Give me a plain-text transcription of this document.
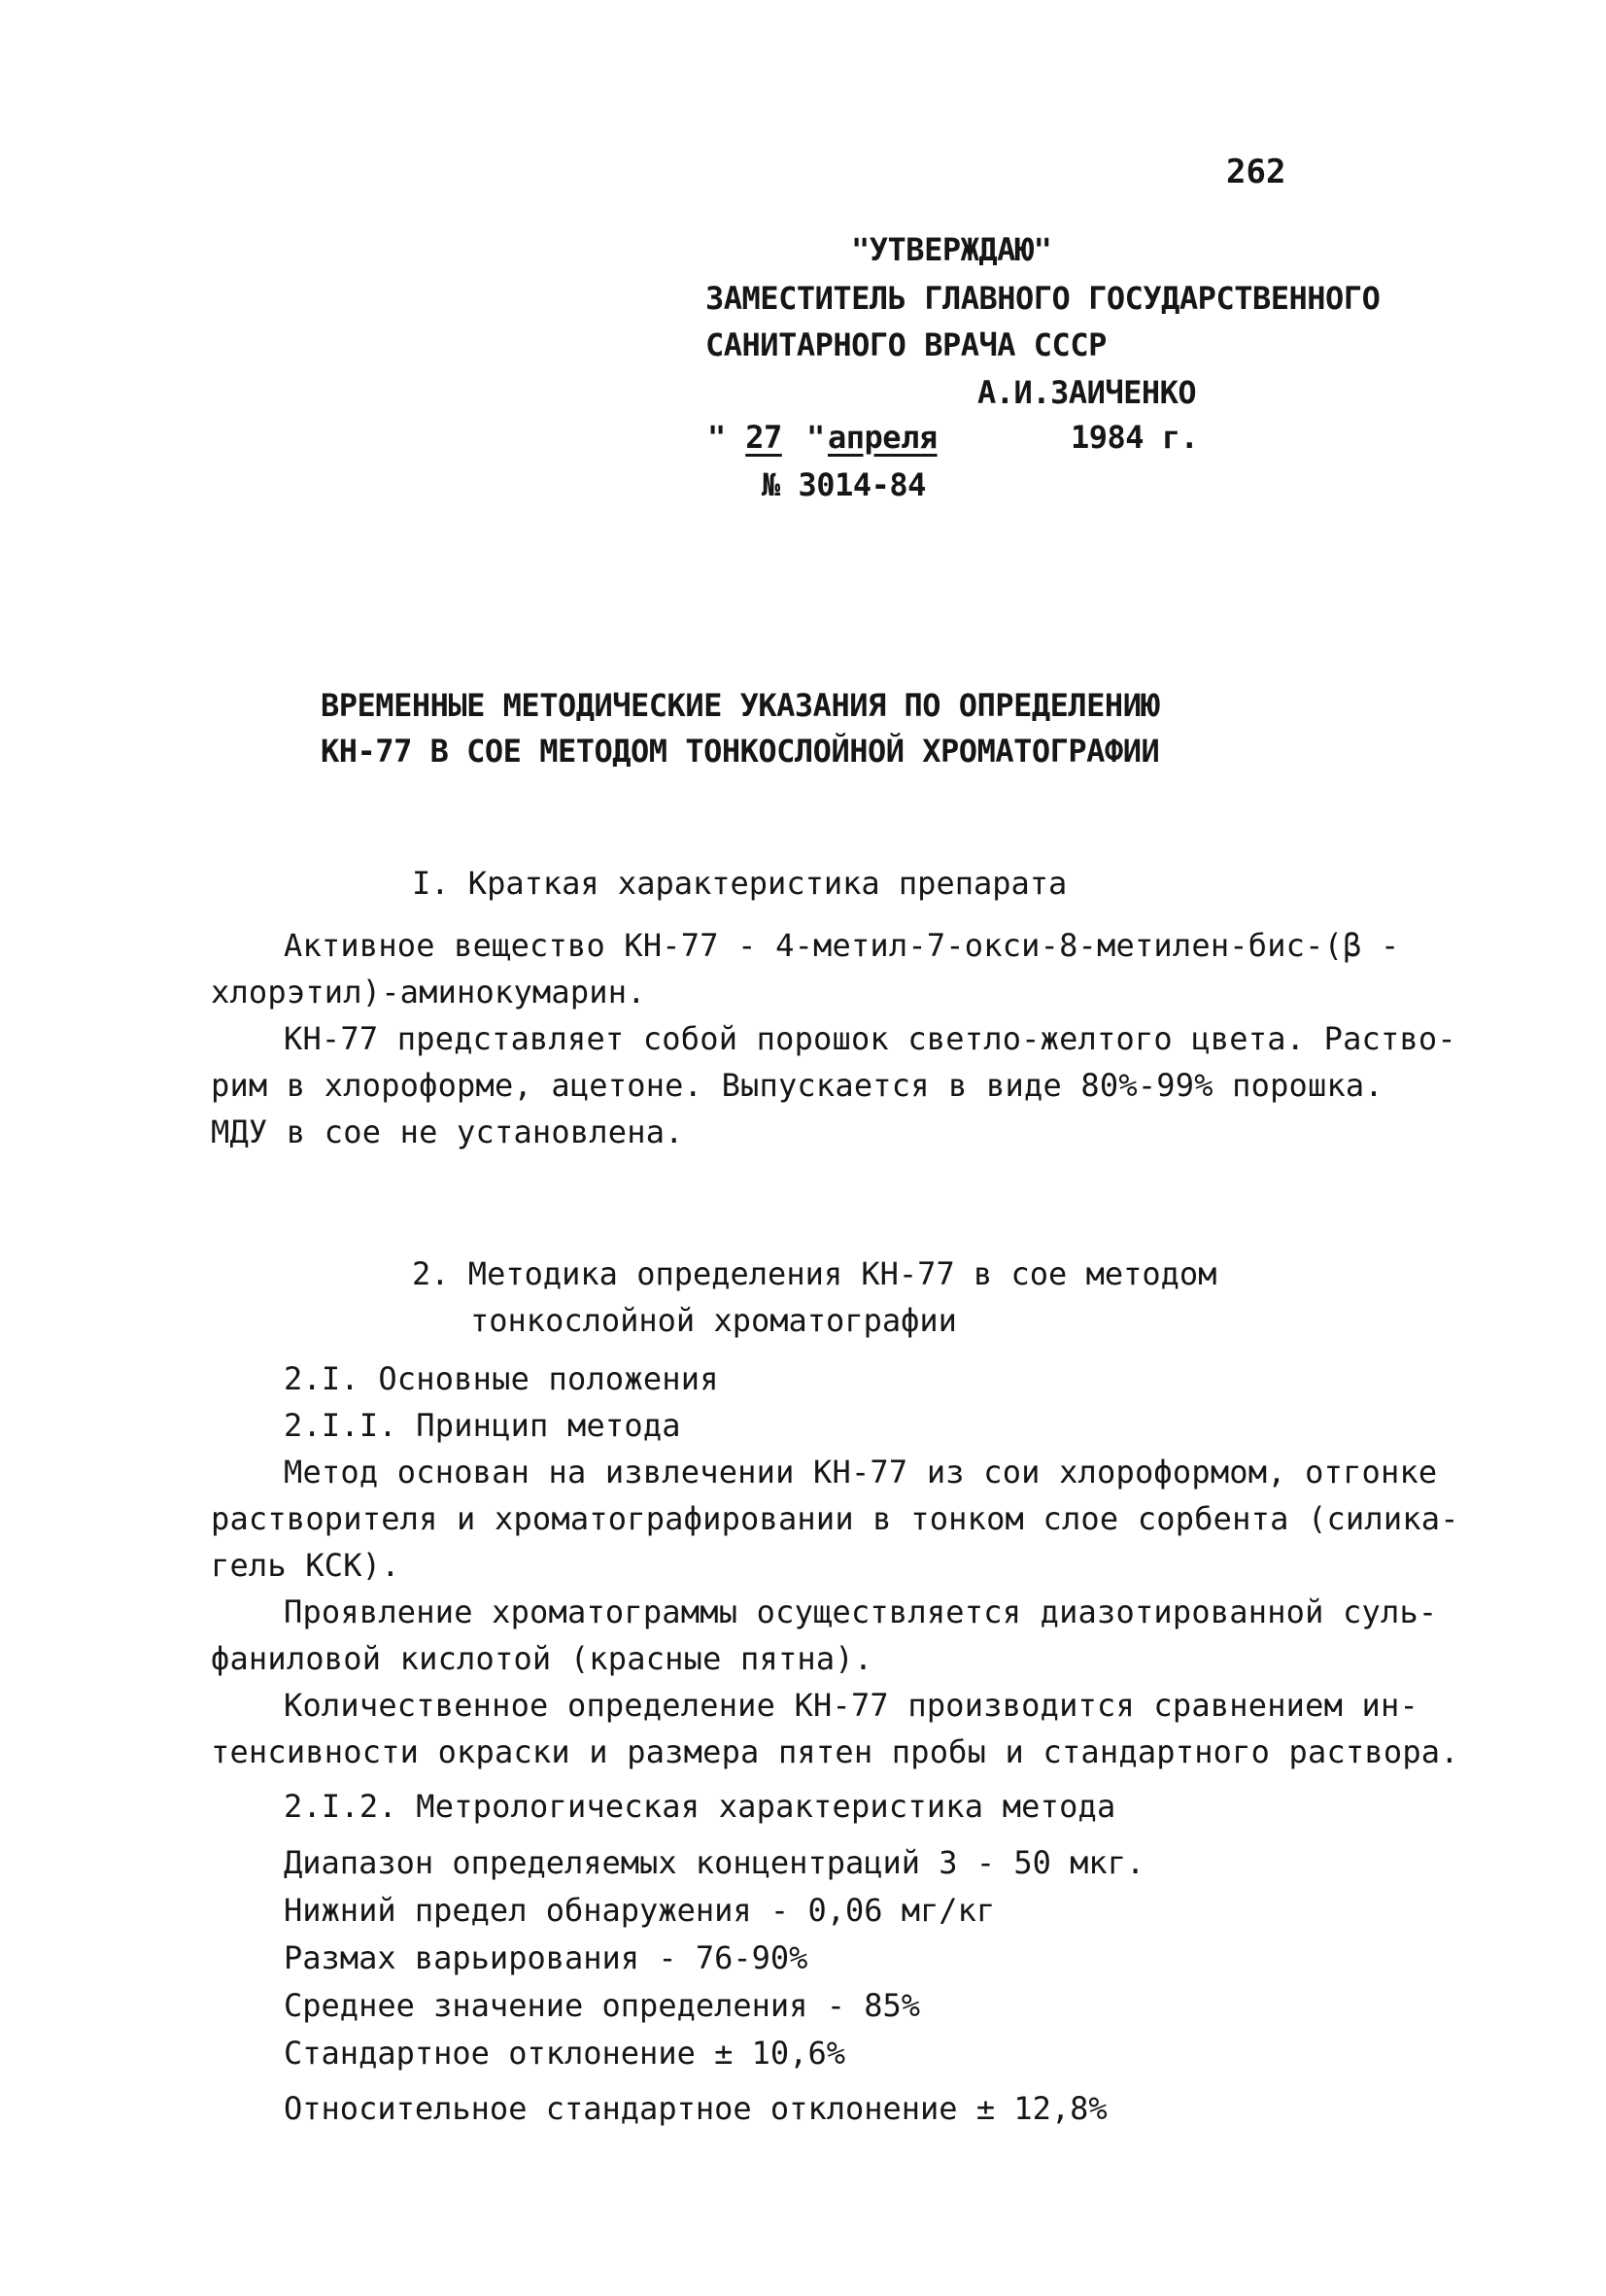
262
"УТВЕРЖДАЮ"
ЗАМЕСТИТЕЛЬ ГЛАВНОГО ГОСУДАРСТВЕННОГО
САНИТАРНОГО ВРАЧА СССР
А.И.ЗАИЧЕНКО
" 27 " апреля	1984 г.
№ 3014-84
ВРЕМЕННЫЕ МЕТОДИЧЕСКИЕ УКАЗАНИЯ ПО ОПРЕДЕЛЕНИЮ
КН-77 В СОЕ МЕТОДОМ ТОНКОСЛОЙНОЙ ХРОМАТОГРАФИИ
I. Краткая характеристика препарата
Активное вещество КН-77 - 4-метил-7-окси-8-метилен-бис-(β -
хлорэтил)-аминокумарин.
КН-77 представляет собой порошок светло-желтого цвета. Раство-
рим в хлороформе, ацетоне. Выпускается в виде 80%-99% порошка.
МДУ в сое не установлена.
2. Методика определения КН-77 в сое методом
тонкослойной хроматографии
2.I. Основные положения
2.I.I. Принцип метода
Метод основан на извлечении КН-77 из сои хлороформом, отгонке
растворителя и хроматографировании в тонком слое сорбента (силика-
гель КСК).
Проявление хроматограммы осуществляется диазотированной суль-
фаниловой кислотой (красные пятна).
Количественное определение КН-77 производится сравнением ин-
тенсивности окраски и размера пятен пробы и стандартного раствора.
2.I.2. Метрологическая характеристика метода
Диапазон определяемых концентраций 3 - 50 мкг.
Нижний предел обнаружения - 0,06 мг/кг
Размах варьирования - 76-90%
Среднее значение определения - 85%
Стандартное отклонение ± 10,6%
Относительное стандартное отклонение ± 12,8%
